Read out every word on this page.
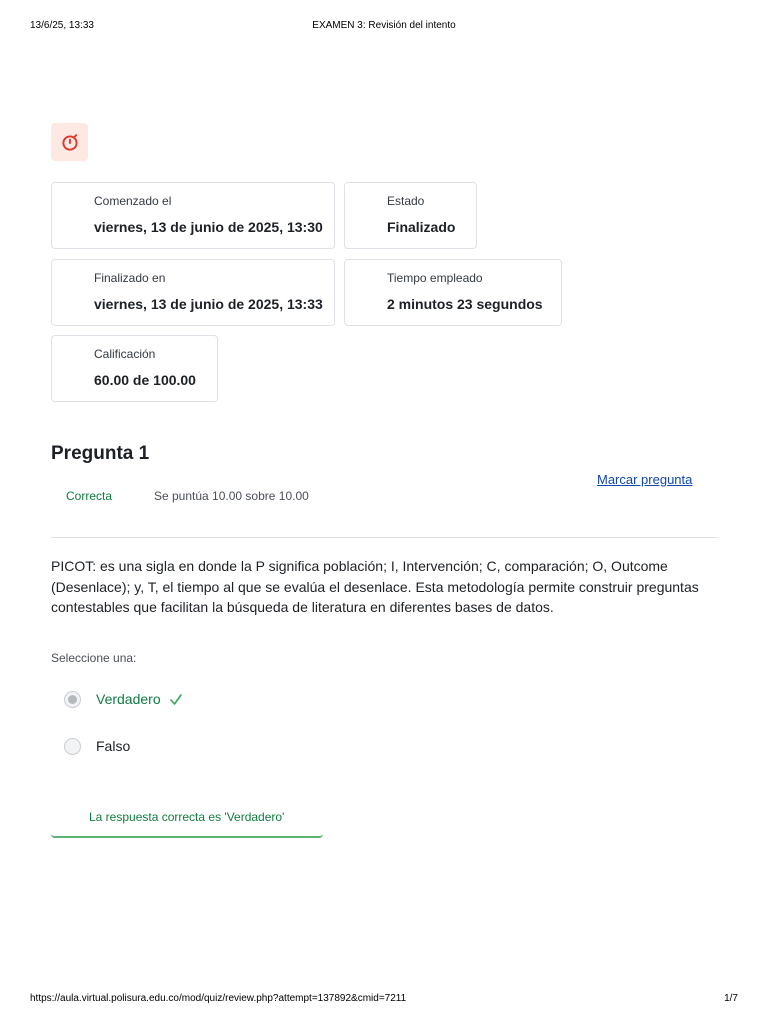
13/6/25, 13:33	EXAMEN 3: Revisión del intento
Comenzado el
viernes, 13 de junio de 2025, 13:30
Estado
Finalizado
Finalizado en
viernes, 13 de junio de 2025, 13:33
Tiempo empleado
2 minutos 23 segundos
Calificación
60.00 de 100.00
Pregunta 1
Correcta	Se puntúa 10.00 sobre 10.00
Marcar pregunta
PICOT: es una sigla en donde la P significa población; I, Intervención; C, comparación; O, Outcome (Desenlace); y, T, el tiempo al que se evalúa el desenlace. Esta metodología permite construir preguntas contestables que facilitan la búsqueda de literatura en diferentes bases de datos.
Seleccione una:
Verdadero
Falso
La respuesta correcta es 'Verdadero'
https://aula.virtual.polisura.edu.co/mod/quiz/review.php?attempt=137892&cmid=7211	1/7
